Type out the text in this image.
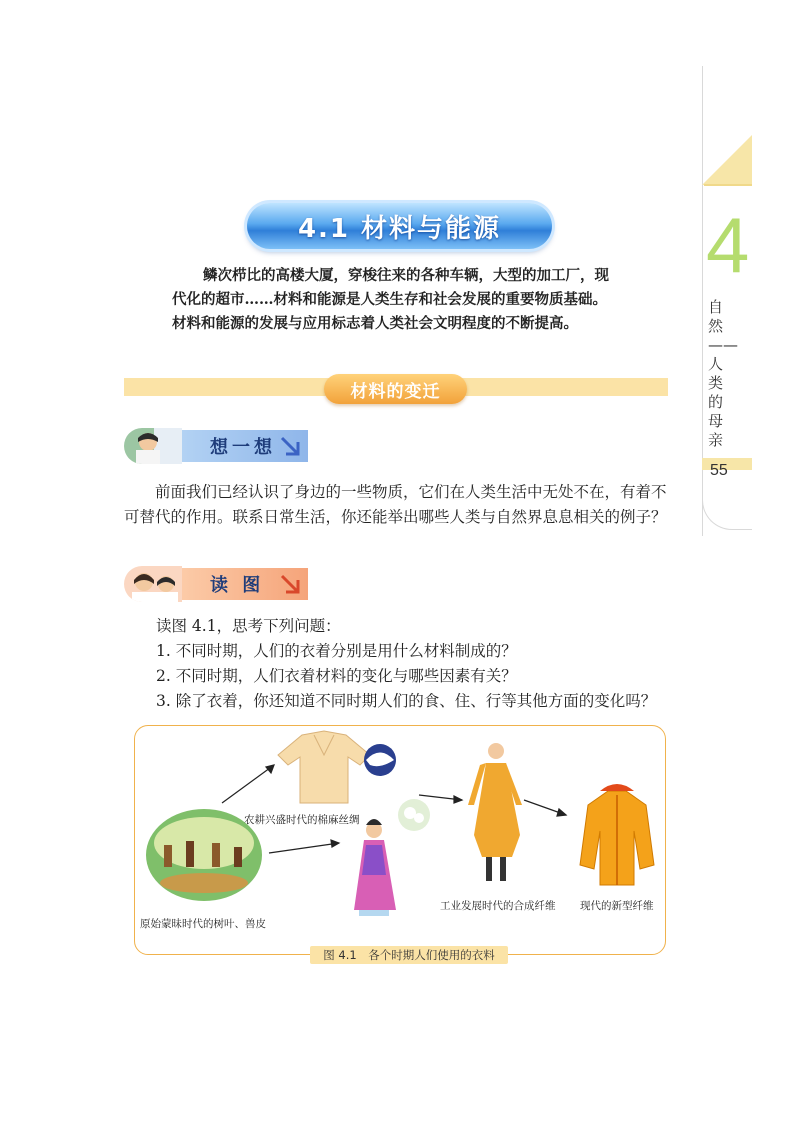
4
自然——人类的母亲
55
4.1 材料与能源

鳞次栉比的高楼大厦，穿梭往来的各种车辆，大型的加工厂，现

代化的超市……材料和能源是人类生存和社会发展的重要物质基础。

材料和能源的发展与应用标志着人类社会文明程度的不断提高。

材料的变迁
想一想
前面我们已经认识了身边的一些物质，它们在人类生活中无处不在，有着不可替代的作用。联系日常生活，你还能举出哪些人类与自然界息息相关的例子？
读 图
读图 4.1，思考下列问题：
1. 不同时期，人们的衣着分别是用什么材料制成的？
2. 不同时期，人们衣着材料的变化与哪些因素有关？
3. 除了衣着，你还知道不同时期人们的食、住、行等其他方面的变化吗？
农耕兴盛时代的棉麻丝绸
原始蒙昧时代的树叶、兽皮
工业发展时代的合成纤维 现代的新型纤维
图 4.1　各个时期人们使用的衣料
